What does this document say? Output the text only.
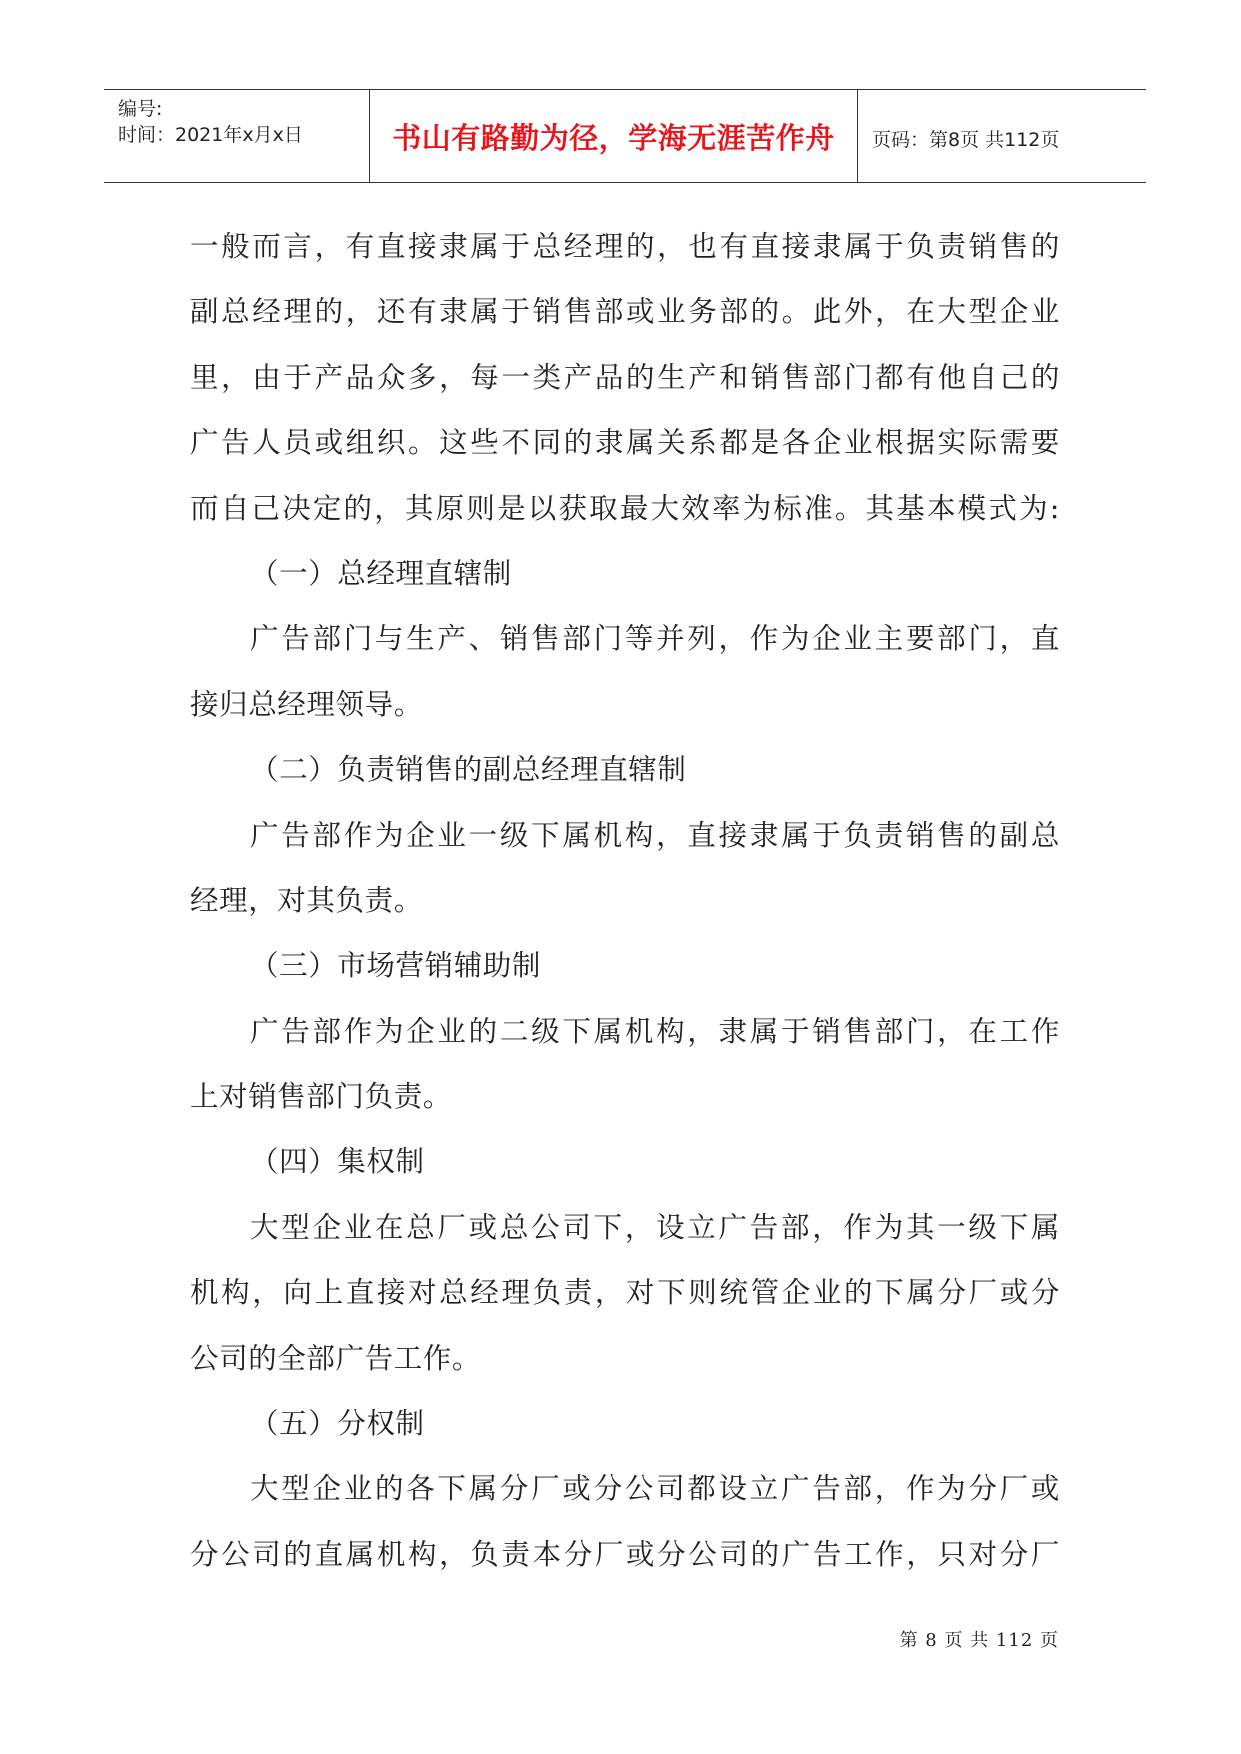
编号:
时间：2021年x月x日	书山有路勤为径，学海无涯苦作舟 页码：第8页 共112页
一般而言，有直接隶属于总经理的，也有直接隶属于负责销售的
副总经理的，还有隶属于销售部或业务部的。此外，在大型企业
里，由于产品众多，每一类产品的生产和销售部门都有他自己的
广告人员或组织。这些不同的隶属关系都是各企业根据实际需要
而自己决定的，其原则是以获取最大效率为标准。其基本模式为:
（一）总经理直辖制
广告部门与生产、销售部门等并列，作为企业主要部门，直
接归总经理领导。
（二）负责销售的副总经理直辖制
广告部作为企业一级下属机构，直接隶属于负责销售的副总
经理，对其负责。
（三）市场营销辅助制
广告部作为企业的二级下属机构，隶属于销售部门，在工作
上对销售部门负责。
（四）集权制
大型企业在总厂或总公司下，设立广告部，作为其一级下属
机构，向上直接对总经理负责，对下则统管企业的下属分厂或分
公司的全部广告工作。
（五）分权制
大型企业的各下属分厂或分公司都设立广告部，作为分厂或
分公司的直属机构，负责本分厂或分公司的广告工作，只对分厂
第 8 页 共 112 页
